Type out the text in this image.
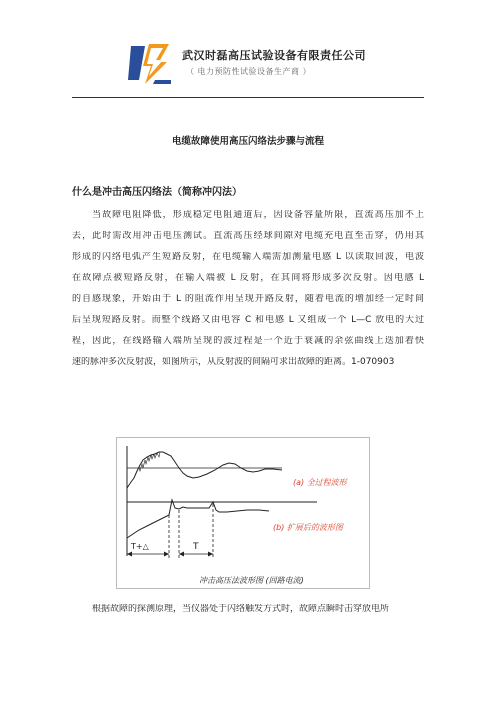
武汉时磊高压试验设备有限责任公司
（ 电力预防性试验设备生产商 ）
电缆故障使用高压闪络法步骤与流程
什么是冲击高压闪络法（简称冲闪法）
当故障电阻降低，形成稳定电阻通道后，因设备容量所限，直流高压加不上
去，此时需改用冲击电压测试。直流高压经球间隙对电缆充电直至击穿，仍用其
形成的闪络电弧产生短路反射，在电缆输入端需加测量电感 L 以读取回波，电波
在故障点被短路反射，在输入端被 L 反射，在其间将形成多次反射。因电感 L
的自感现象，开始由于 L 的阻流作用呈现开路反射，随着电流的增加经一定时间
后呈现短路反射。而整个线路又由电容 C 和电感 L 又组成一个 L—C 放电的大过
程，因此，在线路输入端所呈现的波过程是一个近于衰减的余弦曲线上迭加着快
速的脉冲多次反射波，如图所示，从反射波的间隔可求出故障的距离。1-070903
T+△	T
(a) 全过程波形
(b) 扩展后的波形图
冲击高压法波形图 (回路电流)
根据故障的探测原理，当仪器处于闪络触发方式时，故障点瞬时击穿放电所
